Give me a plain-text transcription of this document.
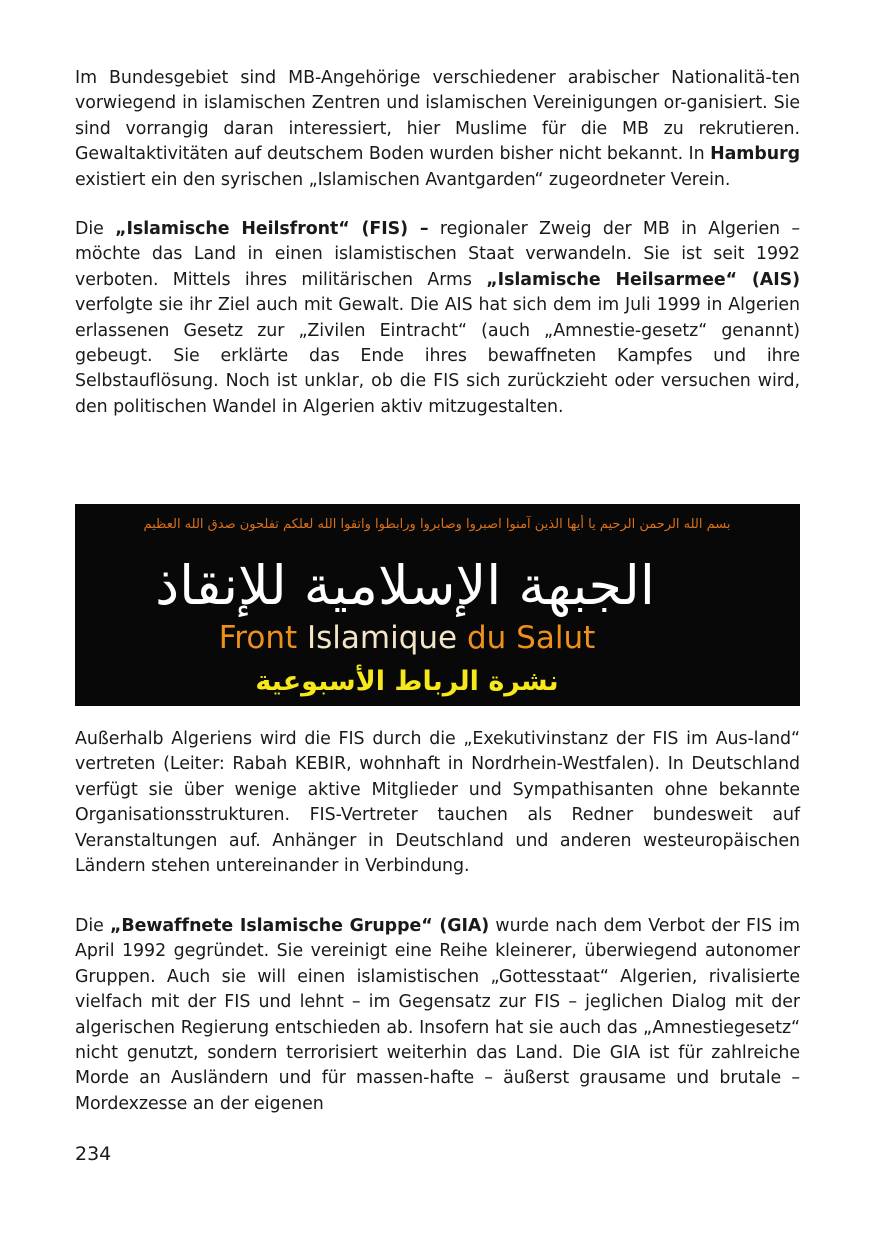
Im Bundesgebiet sind MB-Angehörige verschiedener arabischer Nationalitä-ten vorwiegend in islamischen Zentren und islamischen Vereinigungen or-ganisiert. Sie sind vorrangig daran interessiert, hier Muslime für die MB zu rekrutieren. Gewaltaktivitäten auf deutschem Boden wurden bisher nicht bekannt. In Hamburg existiert ein den syrischen „Islamischen Avantgarden“ zugeordneter Verein.

Die „Islamische Heilsfront“ (FIS) – regionaler Zweig der MB in Algerien – möchte das Land in einen islamistischen Staat verwandeln. Sie ist seit 1992 verboten. Mittels ihres militärischen Arms „Islamische Heilsarmee“ (AIS) verfolgte sie ihr Ziel auch mit Gewalt. Die AIS hat sich dem im Juli 1999 in Algerien erlassenen Gesetz zur „Zivilen Eintracht“ (auch „Amnestie-gesetz“ genannt) gebeugt. Sie erklärte das Ende ihres bewaffneten Kampfes und ihre Selbstauflösung. Noch ist unklar, ob die FIS sich zurückzieht oder versuchen wird, den politischen Wandel in Algerien aktiv mitzugestalten.

بسم الله الرحمن الرحيم يا أيها الذين آمنوا اصبروا وصابروا ورابطوا واتقوا الله لعلكم تفلحون صدق الله العظيم
الجبهة الإسلامية للإنقاذ
Front Islamique du Salut
نشرة الرباط الأسبوعية

Außerhalb Algeriens wird die FIS durch die „Exekutivinstanz der FIS im Aus-land“ vertreten (Leiter: Rabah KEBIR, wohnhaft in Nordrhein-Westfalen). In Deutschland verfügt sie über wenige aktive Mitglieder und Sympathisanten ohne bekannte Organisationsstrukturen. FIS-Vertreter tauchen als Redner bundesweit auf Veranstaltungen auf. Anhänger in Deutschland und anderen westeuropäischen Ländern stehen untereinander in Verbindung.

Die „Bewaffnete Islamische Gruppe“ (GIA) wurde nach dem Verbot der FIS im April 1992 gegründet. Sie vereinigt eine Reihe kleinerer, überwiegend autonomer Gruppen. Auch sie will einen islamistischen „Gottesstaat“ Algerien, rivalisierte vielfach mit der FIS und lehnt – im Gegensatz zur FIS – jeglichen Dialog mit der algerischen Regierung entschieden ab. Insofern hat sie auch das „Amnestiegesetz“ nicht genutzt, sondern terrorisiert weiterhin das Land. Die GIA ist für zahlreiche Morde an Ausländern und für massen-hafte – äußerst grausame und brutale – Mordexzesse an der eigenen

234
